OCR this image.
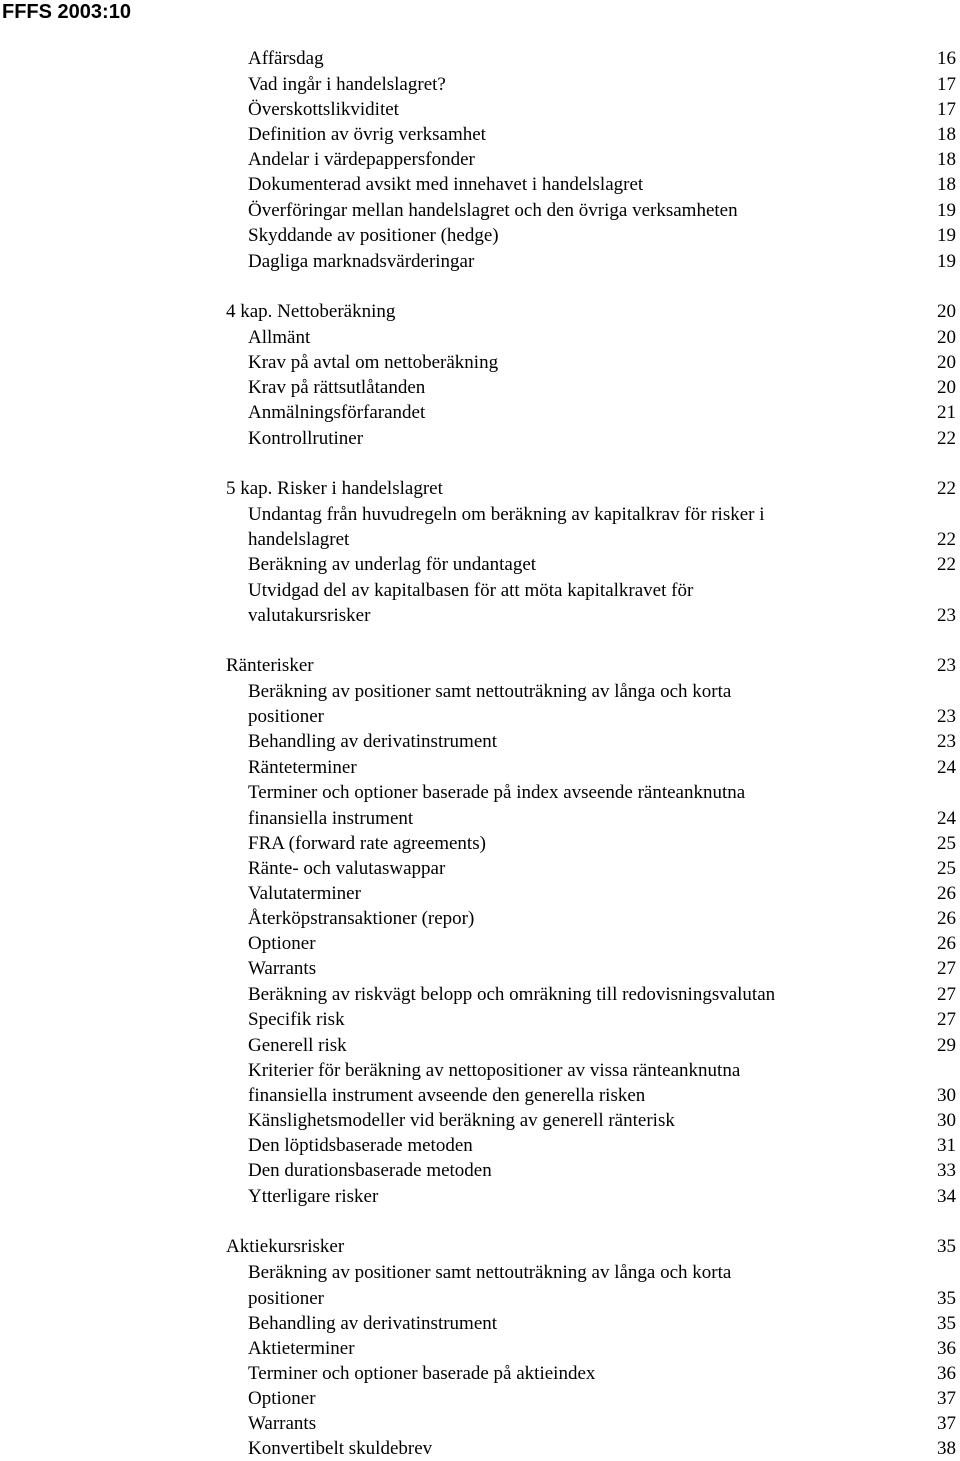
FFFS 2003:10
Affärsdag	16
Vad ingår i handelslagret?	17
Överskottslikviditet	17
Definition av övrig verksamhet	18
Andelar i värdepappersfonder	18
Dokumenterad avsikt med innehavet i handelslagret	18
Överföringar mellan handelslagret och den övriga verksamheten	19
Skyddande av positioner (hedge)	19
Dagliga marknadsvärderingar	19
4 kap. Nettoberäkning	20
Allmänt	20
Krav på avtal om nettoberäkning	20
Krav på rättsutlåtanden	20
Anmälningsförfarandet	21
Kontrollrutiner	22
5 kap. Risker i handelslagret	22
Undantag från huvudregeln om beräkning av kapitalkrav för risker i
handelslagret	22
Beräkning av underlag för undantaget	22
Utvidgad del av kapitalbasen för att möta kapitalkravet för
valutakursrisker	23
Ränterisker	23
Beräkning av positioner samt nettouträkning av långa och korta
positioner	23
Behandling av derivatinstrument	23
Ränteterminer	24
Terminer och optioner baserade på index avseende ränteanknutna
finansiella instrument	24
FRA (forward rate agreements)	25
Ränte- och valutaswappar	25
Valutaterminer	26
Återköpstransaktioner (repor)	26
Optioner	26
Warrants	27
Beräkning av riskvägt belopp och omräkning till redovisningsvalutan	27
Specifik risk	27
Generell risk	29
Kriterier för beräkning av nettopositioner av vissa ränteanknutna
finansiella instrument avseende den generella risken	30
Känslighetsmodeller vid beräkning av generell ränterisk	30
Den löptidsbaserade metoden	31
Den durationsbaserade metoden	33
Ytterligare risker	34
Aktiekursrisker	35
Beräkning av positioner samt nettouträkning av långa och korta
positioner	35
Behandling av derivatinstrument	35
Aktieterminer	36
Terminer och optioner baserade på aktieindex	36
Optioner	37
Warrants	37
Konvertibelt skuldebrev	38
